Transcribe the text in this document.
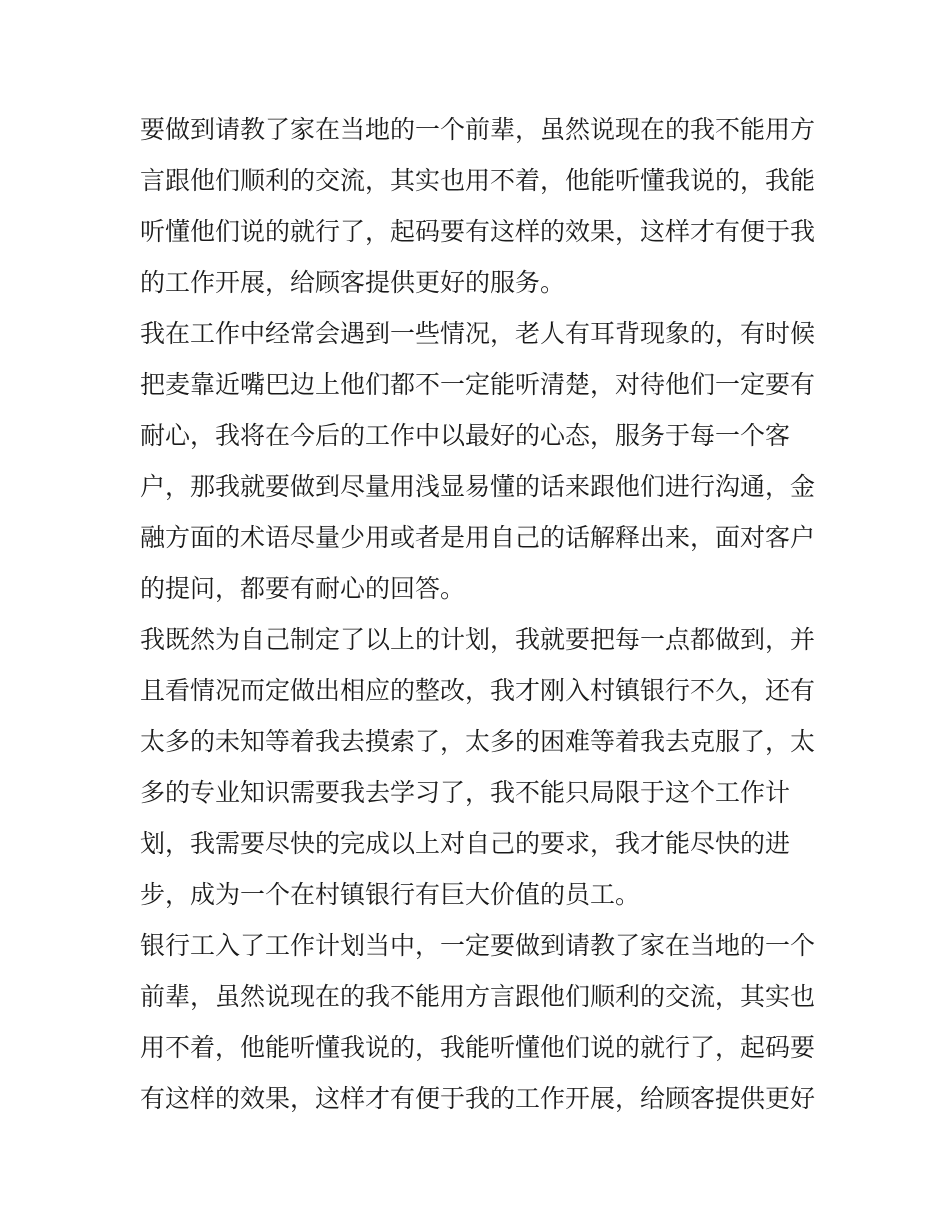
要做到请教了家在当地的一个前辈，虽然说现在的我不能用方
言跟他们顺利的交流，其实也用不着，他能听懂我说的，我能
听懂他们说的就行了，起码要有这样的效果，这样才有便于我
的工作开展，给顾客提供更好的服务。
我在工作中经常会遇到一些情况，老人有耳背现象的，有时候
把麦靠近嘴巴边上他们都不一定能听清楚，对待他们一定要有
耐心，我将在今后的工作中以最好的心态，服务于每一个客
户，那我就要做到尽量用浅显易懂的话来跟他们进行沟通，金
融方面的术语尽量少用或者是用自己的话解释出来，面对客户
的提问，都要有耐心的回答。
我既然为自己制定了以上的计划，我就要把每一点都做到，并
且看情况而定做出相应的整改，我才刚入村镇银行不久，还有
太多的未知等着我去摸索了，太多的困难等着我去克服了，太
多的专业知识需要我去学习了，我不能只局限于这个工作计
划，我需要尽快的完成以上对自己的要求，我才能尽快的进
步，成为一个在村镇银行有巨大价值的员工。
银行工入了工作计划当中，一定要做到请教了家在当地的一个
前辈，虽然说现在的我不能用方言跟他们顺利的交流，其实也
用不着，他能听懂我说的，我能听懂他们说的就行了，起码要
有这样的效果，这样才有便于我的工作开展，给顾客提供更好
